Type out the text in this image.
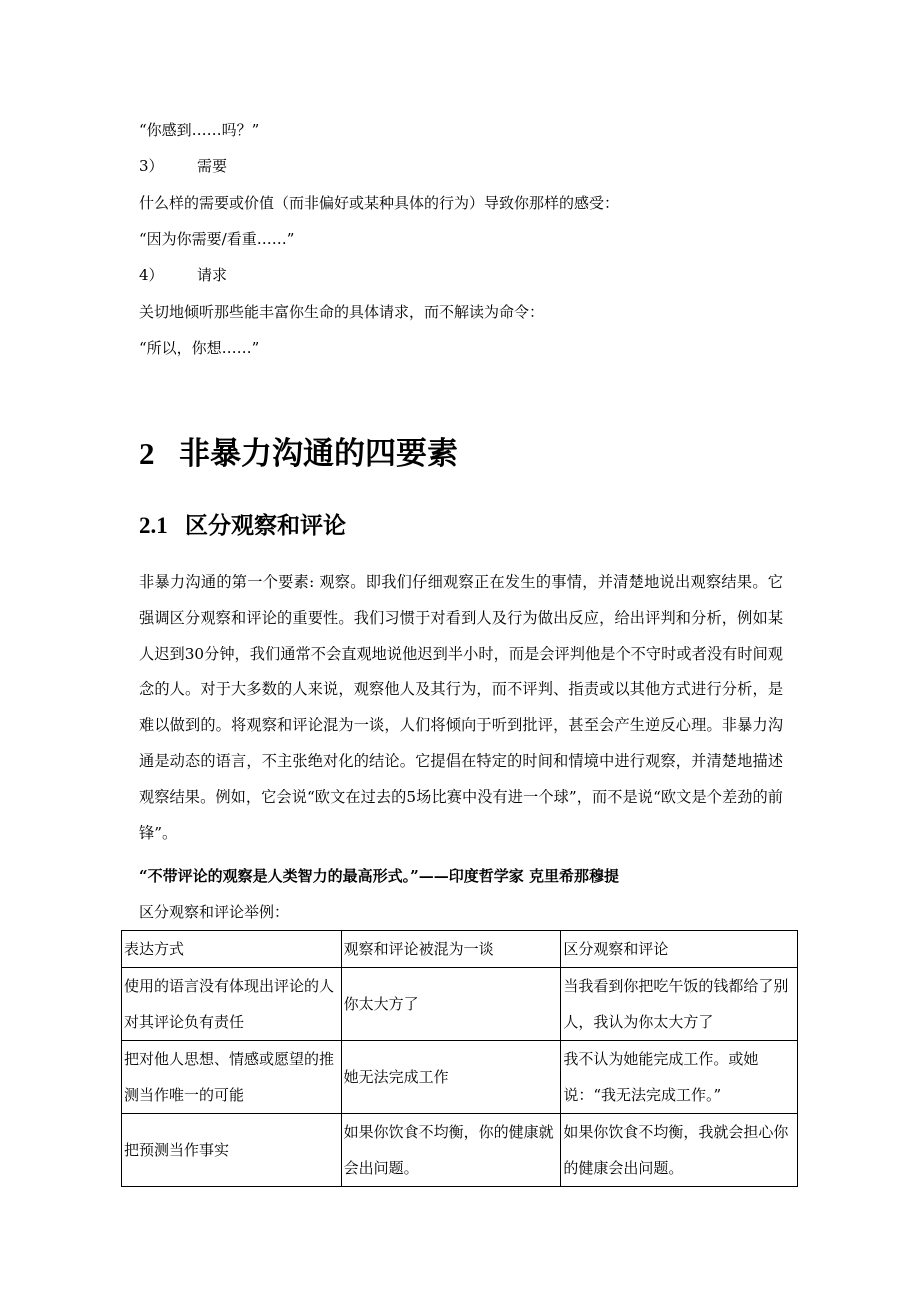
“你感到……吗？”
3） 需要
什么样的需要或价值（而非偏好或某种具体的行为）导致你那样的感受：
“因为你需要/看重……”
4） 请求
关切地倾听那些能丰富你生命的具体请求，而不解读为命令：
“所以，你想……”
2 非暴力沟通的四要素
2.1 区分观察和评论
非暴力沟通的第一个要素: 观察。即我们仔细观察正在发生的事情，并清楚地说出观察结果。它强调区分观察和评论的重要性。我们习惯于对看到人及行为做出反应，给出评判和分析，例如某人迟到30分钟，我们通常不会直观地说他迟到半小时，而是会评判他是个不守时或者没有时间观念的人。对于大多数的人来说，观察他人及其行为，而不评判、指责或以其他方式进行分析，是难以做到的。将观察和评论混为一谈，人们将倾向于听到批评，甚至会产生逆反心理。非暴力沟通是动态的语言，不主张绝对化的结论。它提倡在特定的时间和情境中进行观察，并清楚地描述观察结果。例如，它会说“欧文在过去的5场比赛中没有进一个球”，而不是说“欧文是个差劲的前锋”。
“不带评论的观察是人类智力的最高形式。”——印度哲学家 克里希那穆提
区分观察和评论举例：
表达方式	观察和评论被混为一谈	区分观察和评论
使用的语言没有体现出评论的人对其评论负有责任	你太大方了	当我看到你把吃午饭的钱都给了别人，我认为你太大方了
把对他人思想、情感或愿望的推测当作唯一的可能	她无法完成工作	我不认为她能完成工作。或她说：“我无法完成工作。”
把预测当作事实	如果你饮食不均衡，你的健康就会出问题。	如果你饮食不均衡，我就会担心你的健康会出问题。
